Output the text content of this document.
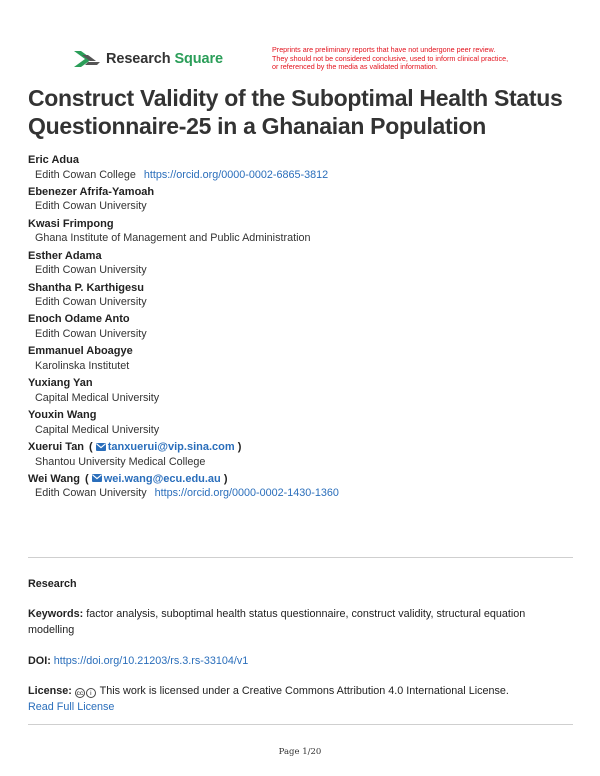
Research Square
Preprints are preliminary reports that have not undergone peer review.
They should not be considered conclusive, used to inform clinical practice,
or referenced by the media as validated information.
Construct Validity of the Suboptimal Health Status Questionnaire-25 in a Ghanaian Population
Eric Adua
Edith Cowan College https://orcid.org/0000-0002-6865-3812
Ebenezer Afrifa-Yamoah
Edith Cowan University
Kwasi Frimpong
Ghana Institute of Management and Public Administration
Esther Adama
Edith Cowan University
Shantha P. Karthigesu
Edith Cowan University
Enoch Odame Anto
Edith Cowan University
Emmanuel Aboagye
Karolinska Institutet
Yuxiang Yan
Capital Medical University
Youxin Wang
Capital Medical University
Xuerui Tan ( tanxuerui@vip.sina.com )
Shantou University Medical College
Wei Wang ( wei.wang@ecu.edu.au )
Edith Cowan University https://orcid.org/0000-0002-1430-1360
Research
Keywords: factor analysis, suboptimal health status questionnaire, construct validity, structural equation modelling
DOI: https://doi.org/10.21203/rs.3.rs-33104/v1
License: cc i This work is licensed under a Creative Commons Attribution 4.0 International License.
Read Full License
Page 1/20
